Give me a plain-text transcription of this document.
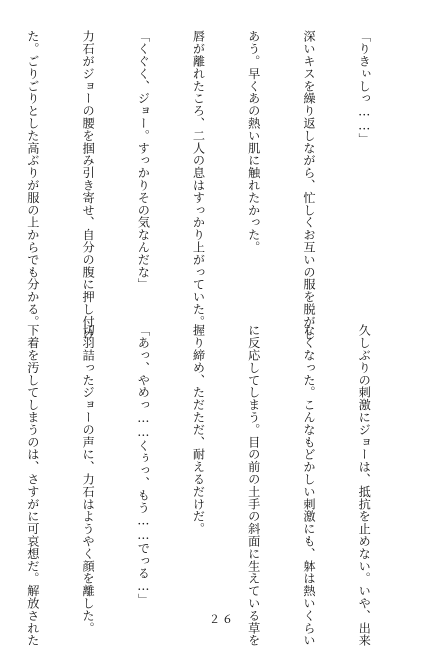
「りきぃしっ……」

深いキスを繰り返しながら、忙しくお互いの服を脱がし

あう。早くあの熱い肌に触れたかった。

唇が離れたころ、二人の息はすっかり上がっていた。

「くぐく、ジョー。すっかりその気なんだな」

力石がジョーの腰を掴み引き寄せ、自分の腹に押し付け

た。ごりごりとした高ぶりが服の上からでも分かる。

久しぶりの刺激にジョーは、抵抗を止めない。いや、出来

なくなった。こんなもどかしい刺激にも、躰は熱いくらい

に反応してしまう。目の前の土手の斜面に生えている草を

握り締め、ただただ、耐えるだけだ。

「あっ、やめっ……くぅっ、もう……でっる…」

切羽詰ったジョーの声に、力石はようやく顔を離した。

下着を汚してしまうのは、さすがに可哀想だ。解放された

	２６
